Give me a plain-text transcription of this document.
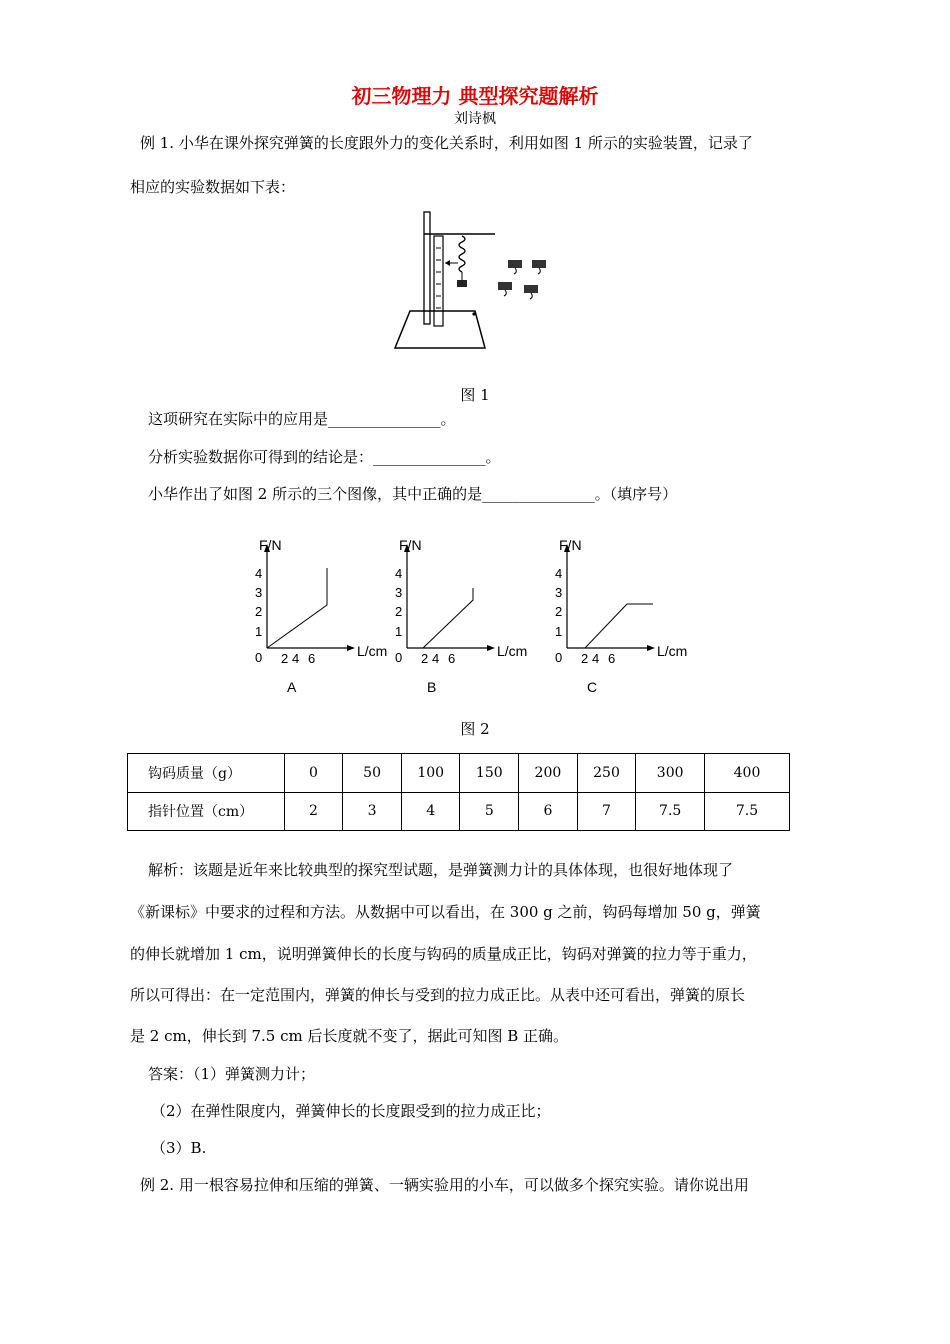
初三物理力 典型探究题解析
刘诗枫
例 1. 小华在课外探究弹簧的长度跟外力的变化关系时，利用如图 1 所示的实验装置，记录了
相应的实验数据如下表：
图 1
这项研究在实际中的应用是_______________。
分析实验数据你可得到的结论是：_______________。
小华作出了如图 2 所示的三个图像，其中正确的是_______________。（填序号）
F/N
L/cm
4
3
2
1
0 2 4 6
A
F/N
L/cm
4
3
2
1
0 2 4 6
B
F/N
L/cm
4
3
2
1
0 2 4 6
C
图 2
钩码质量（g）	0	50	100	150	200	250	300	400
指针位置（cm）	2	3	4	5	6	7	7.5	7.5
解析：该题是近年来比较典型的探究型试题，是弹簧测力计的具体体现，也很好地体现了
《新课标》中要求的过程和方法。从数据中可以看出，在 300 g 之前，钩码每增加 50 g，弹簧
的伸长就增加 1 cm，说明弹簧伸长的长度与钩码的质量成正比，钩码对弹簧的拉力等于重力，
所以可得出：在一定范围内，弹簧的伸长与受到的拉力成正比。从表中还可看出，弹簧的原长
是 2 cm，伸长到 7.5 cm 后长度就不变了，据此可知图 B 正确。
答案：（1）弹簧测力计；
（2）在弹性限度内，弹簧伸长的长度跟受到的拉力成正比；
（3）B.
例 2. 用一根容易拉伸和压缩的弹簧、一辆实验用的小车，可以做多个探究实验。请你说出用
